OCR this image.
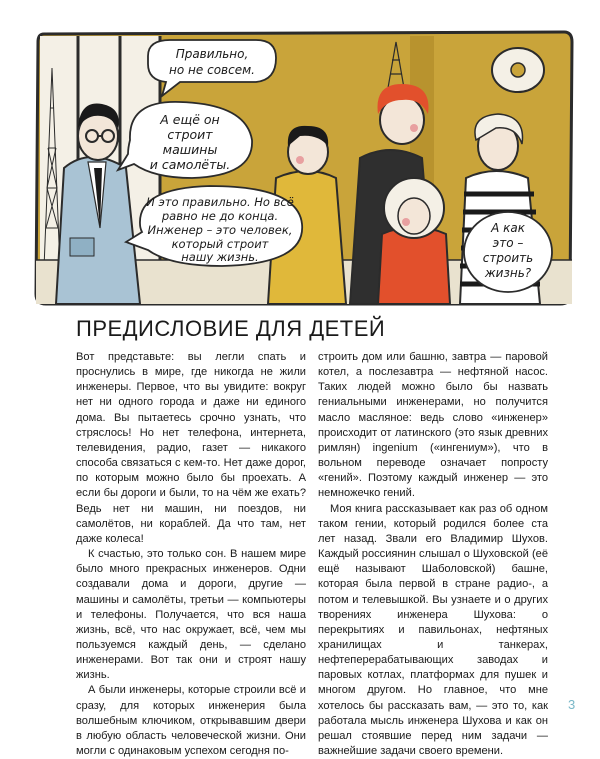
Правильно,
но не совсем.
А ещё он
строит
машины
и самолёты.
И это правильно. Но всё
равно не до конца.
Инженер – это человек,
который строит
нашу жизнь.
А как
это –
строить
жизнь?
ПРЕДИСЛОВИЕ ДЛЯ ДЕТЕЙ

Вот представьте: вы легли спать и проснулись в мире, где никогда не жили инженеры. Первое, что вы увидите: вокруг нет ни одного города и даже ни единого дома. Вы пытаетесь срочно узнать, что стряслось! Но нет телефона, интернета, телевидения, радио, газет — никакого способа связаться с кем-то. Нет даже дорог, по которым можно было бы проехать. А если бы дороги и были, то на чём же ехать? Ведь нет ни машин, ни поездов, ни самолётов, ни кораблей. Да что там, нет даже колеса!

К счастью, это только сон. В нашем мире было много прекрасных инженеров. Одни создавали дома и дороги, другие — машины и самолёты, третьи — компьютеры и телефоны. Получается, что вся наша жизнь, всё, что нас окружает, всё, чем мы пользуемся каждый день, — сделано инженерами. Вот так они и строят нашу жизнь.

А были инженеры, которые строили всё и сразу, для которых инженерия была волшебным ключиком, открывавшим двери в любую область человеческой жизни. Они могли с одинаковым успехом сегодня по-

строить дом или башню, завтра — паровой котел, а послезавтра — нефтяной насос. Таких людей можно было бы назвать гениальными инженерами, но получится масло масляное: ведь слово «инженер» происходит от латинского (это язык древних римлян) ingenium («ингениум»), что в вольном переводе означает попросту «гений». Поэтому каждый инженер — это немножечко гений.

Моя книга рассказывает как раз об одном таком гении, который родился более ста лет назад. Звали его Владимир Шухов. Каждый россиянин слышал о Шуховской (её ещё называют Шаболовской) башне, которая была первой в стране радио-, а потом и телевышкой. Вы узнаете и о других творениях инженера Шухова: о перекрытиях и павильонах, нефтяных хранилищах и танкерах, нефтеперерабатывающих заводах и паровых котлах, платформах для пушек и многом другом. Но главное, что мне хотелось бы рассказать вам, — это то, как работала мысль инженера Шухова и как он решал стоявшие перед ним задачи — важнейшие задачи своего времени.

3
